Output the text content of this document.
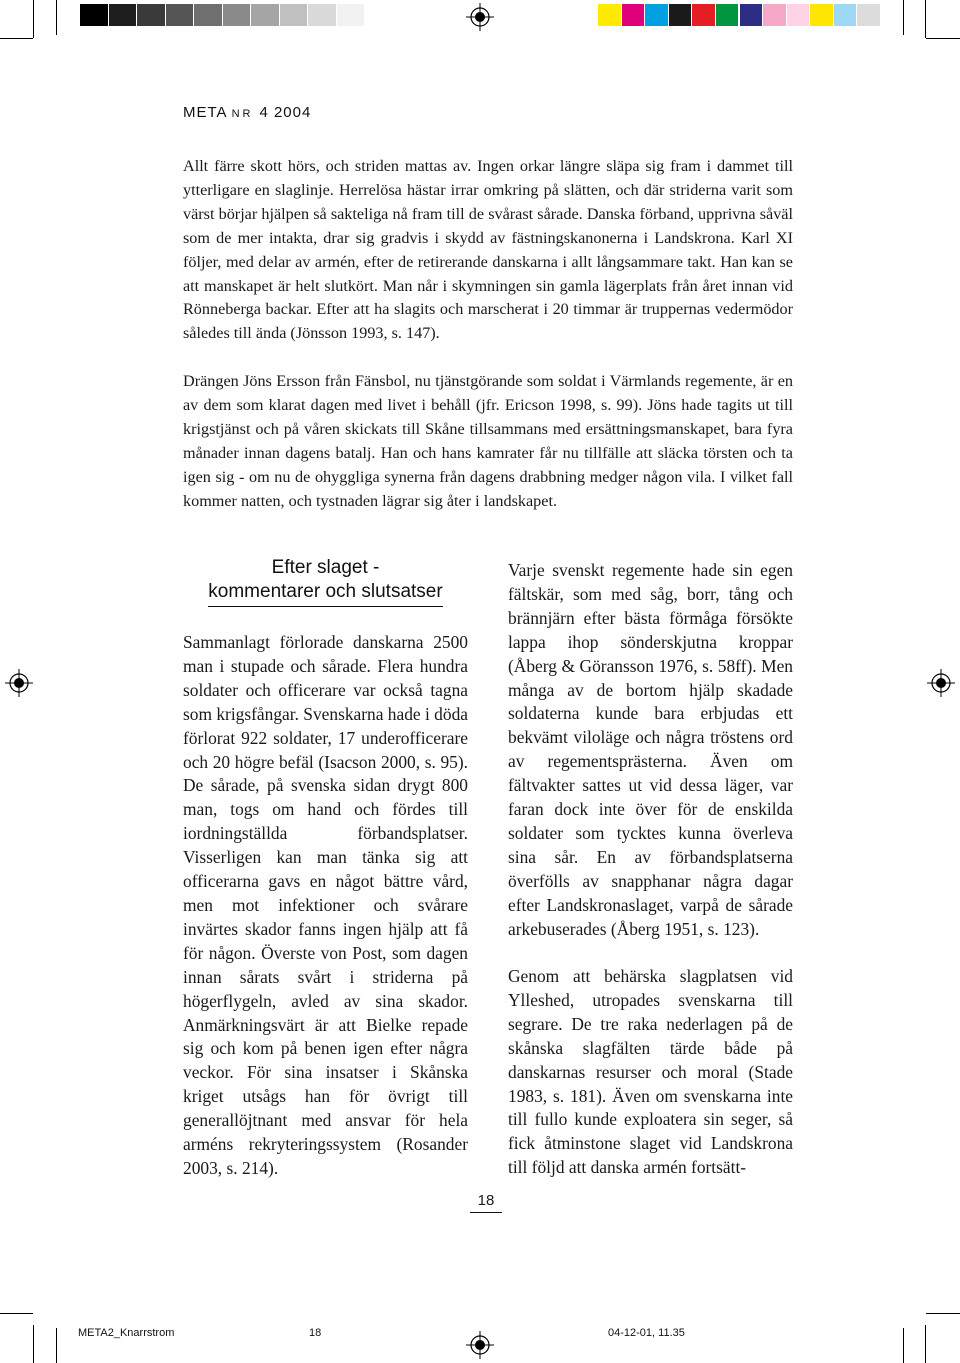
META NR 4 2004

Allt färre skott hörs, och striden mattas av. Ingen orkar längre släpa sig fram i dammet till ytterligare en slaglinje. Herrelösa hästar irrar omkring på slätten, och där striderna varit som värst börjar hjälpen så sakteliga nå fram till de svårast sårade. Danska förband, upprivna såväl som de mer intakta, drar sig gradvis i skydd av fästningskanonerna i Landskrona. Karl XI följer, med delar av armén, efter de retirerande danskarna i allt långsammare takt. Han kan se att manskapet är helt slutkört. Man når i skymningen sin gamla lägerplats från året innan vid Rönneberga backar. Efter att ha slagits och marscherat i 20 timmar är truppernas vedermödor således till ända (Jönsson 1993, s. 147).

Drängen Jöns Ersson från Fänsbol, nu tjänstgörande som soldat i Värmlands regemente, är en av dem som klarat dagen med livet i behåll (jfr. Ericson 1998, s. 99). Jöns hade tagits ut till krigstjänst och på våren skickats till Skåne tillsammans med ersättningsmanskapet, bara fyra månader innan dagens batalj. Han och hans kamrater får nu tillfälle att släcka törsten och ta igen sig - om nu de ohyggliga synerna från dagens drabbning medger någon vila. I vilket fall kommer natten, och tystnaden lägrar sig åter i landskapet.

Efter slaget -
kommentarer och slutsatser

Sammanlagt förlorade danskarna 2500 man i stupade och sårade. Flera hundra soldater och officerare var också tagna som krigsfångar. Svenskarna hade i döda förlorat 922 soldater, 17 underofficerare och 20 högre befäl (Isacson 2000, s. 95). De sårade, på svenska sidan drygt 800 man, togs om hand och fördes till iordningställda förbandsplatser. Visserligen kan man tänka sig att officerarna gavs en något bättre vård, men mot infektioner och svårare invärtes skador fanns ingen hjälp att få för någon. Överste von Post, som dagen innan sårats svårt i striderna på högerflygeln, avled av sina skador. Anmärkningsvärt är att Bielke repade sig och kom på benen igen efter några veckor. För sina insatser i Skånska kriget utsågs han för övrigt till generallöjtnant med ansvar för hela arméns rekryteringssystem (Rosander 2003, s. 214).

Varje svenskt regemente hade sin egen fältskär, som med såg, borr, tång och brännjärn efter bästa förmåga försökte lappa ihop sönderskjutna kroppar (Åberg & Göransson 1976, s. 58ff). Men många av de bortom hjälp skadade soldaterna kunde bara erbjudas ett bekvämt viloläge och några tröstens ord av regementsprästerna. Även om fältvakter sattes ut vid dessa läger, var faran dock inte över för de enskilda soldater som tycktes kunna överleva sina sår. En av förbandsplatserna överfölls av snapphanar några dagar efter Landskronaslaget, varpå de sårade arkebuserades (Åberg 1951, s. 123).

Genom att behärska slagplatsen vid Ylleshed, utropades svenskarna till segrare. De tre raka nederlagen på de skånska slagfälten tärde både på danskarnas resurser och moral (Stade 1983, s. 181). Även om svenskarna inte till fullo kunde exploatera sin seger, så fick åtminstone slaget vid Landskrona till följd att danska armén fortsätt-

18
META2_Knarrstrom	18	04-12-01, 11.35
